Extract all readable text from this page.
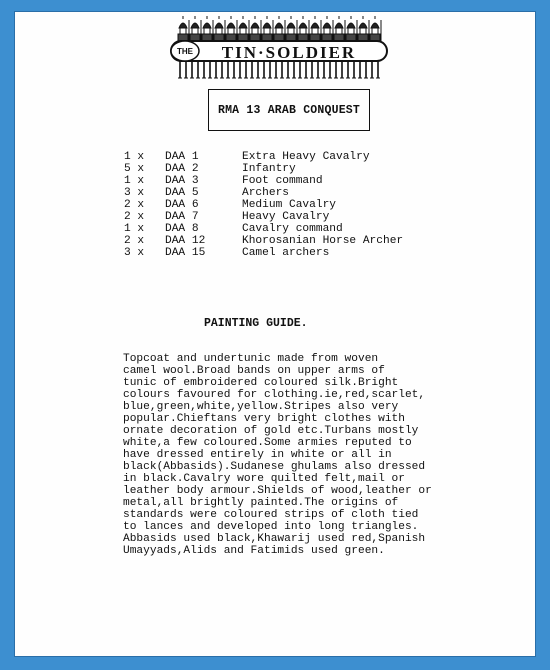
THE TIN·SOLDIER
RMA 13 ARAB CONQUEST
1 x DAA 1	Extra Heavy Cavalry
5 x DAA 2	Infantry
1 x DAA 3	Foot command
3 x DAA 5	Archers
2 x DAA 6	Medium Cavalry
2 x DAA 7	Heavy Cavalry
1 x DAA 8	Cavalry command
2 x DAA 12	Khorosanian Horse Archer
3 x DAA 15	Camel archers
PAINTING GUIDE.
Topcoat and undertunic made from woven
camel wool.Broad bands on upper arms of
tunic of embroidered coloured silk.Bright
colours favoured for clothing.ie,red,scarlet,
blue,green,white,yellow.Stripes also very
popular.Chieftans very bright clothes with
ornate decoration of gold etc.Turbans mostly
white,a few coloured.Some armies reputed to
have dressed entirely in white or all in
black(Abbasids).Sudanese ghulams also dressed
in black.Cavalry wore quilted felt,mail or
leather body armour.Shields of wood,leather or
metal,all brightly painted.The origins of
standards were coloured strips of cloth tied
to lances and developed into long triangles.
Abbasids used black,Khawarij used red,Spanish
Umayyads,Alids and Fatimids used green.
